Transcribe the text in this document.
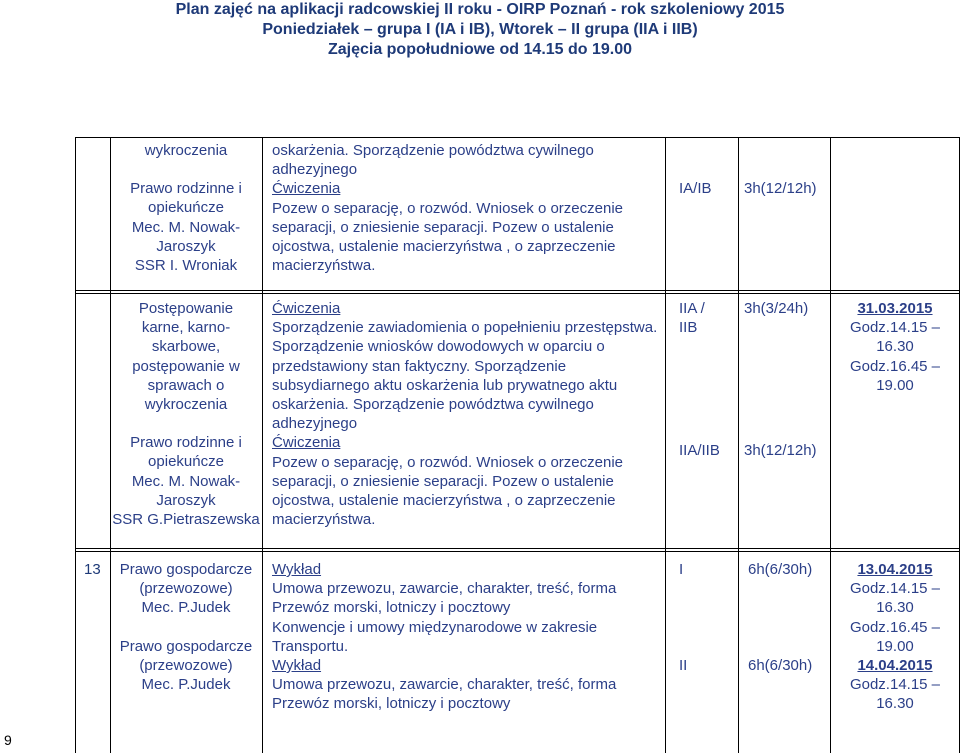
Plan zajęć na aplikacji radcowskiej II roku - OIRP Poznań - rok szkoleniowy 2015
Poniedziałek – grupa I (IA i IB), Wtorek – II grupa (IIA i IIB)
Zajęcia popołudniowe od 14.15 do 19.00
wykroczenia
Prawo rodzinne i
opiekuńcze
Mec. M. Nowak-
Jaroszyk
SSR I. Wroniak
oskarżenia. Sporządzenie powództwa cywilnego
adhezyjnego
Ćwiczenia
Pozew o separację, o rozwód. Wniosek o orzeczenie
separacji, o zniesienie separacji. Pozew o ustalenie
ojcostwa, ustalenie macierzyństwa , o zaprzeczenie
macierzyństwa.
IA/IB 3h(12/12h)
Postępowanie
karne, karno-
skarbowe,
postępowanie w
sprawach o
wykroczenia
Prawo rodzinne i
opiekuńcze
Mec. M. Nowak-
Jaroszyk
SSR G.Pietraszewska
Ćwiczenia
Sporządzenie zawiadomienia o popełnieniu przestępstwa.
Sporządzenie wniosków dowodowych w oparciu o
przedstawiony stan faktyczny. Sporządzenie
subsydiarnego aktu oskarżenia lub prywatnego aktu
oskarżenia. Sporządzenie powództwa cywilnego
adhezyjnego
Ćwiczenia
Pozew o separację, o rozwód. Wniosek o orzeczenie
separacji, o zniesienie separacji. Pozew o ustalenie
ojcostwa, ustalenie macierzyństwa , o zaprzeczenie
macierzyństwa.
IIA /
IIB
IIA/IIB
3h(3/24h)
3h(12/12h)
31.03.2015
Godz.14.15 –
16.30
Godz.16.45 –
19.00
13	Prawo gospodarcze
(przewozowe)
Mec. P.Judek
Prawo gospodarcze
(przewozowe)
Mec. P.Judek
Wykład
Umowa przewozu, zawarcie, charakter, treść, forma
Przewóz morski, lotniczy i pocztowy
Konwencje i umowy międzynarodowe w zakresie
Transportu.
Wykład
Umowa przewozu, zawarcie, charakter, treść, forma
Przewóz morski, lotniczy i pocztowy
I
II
6h(6/30h)
6h(6/30h)
13.04.2015
Godz.14.15 –
16.30
Godz.16.45 –
19.00
14.04.2015
Godz.14.15 –
16.30
9
